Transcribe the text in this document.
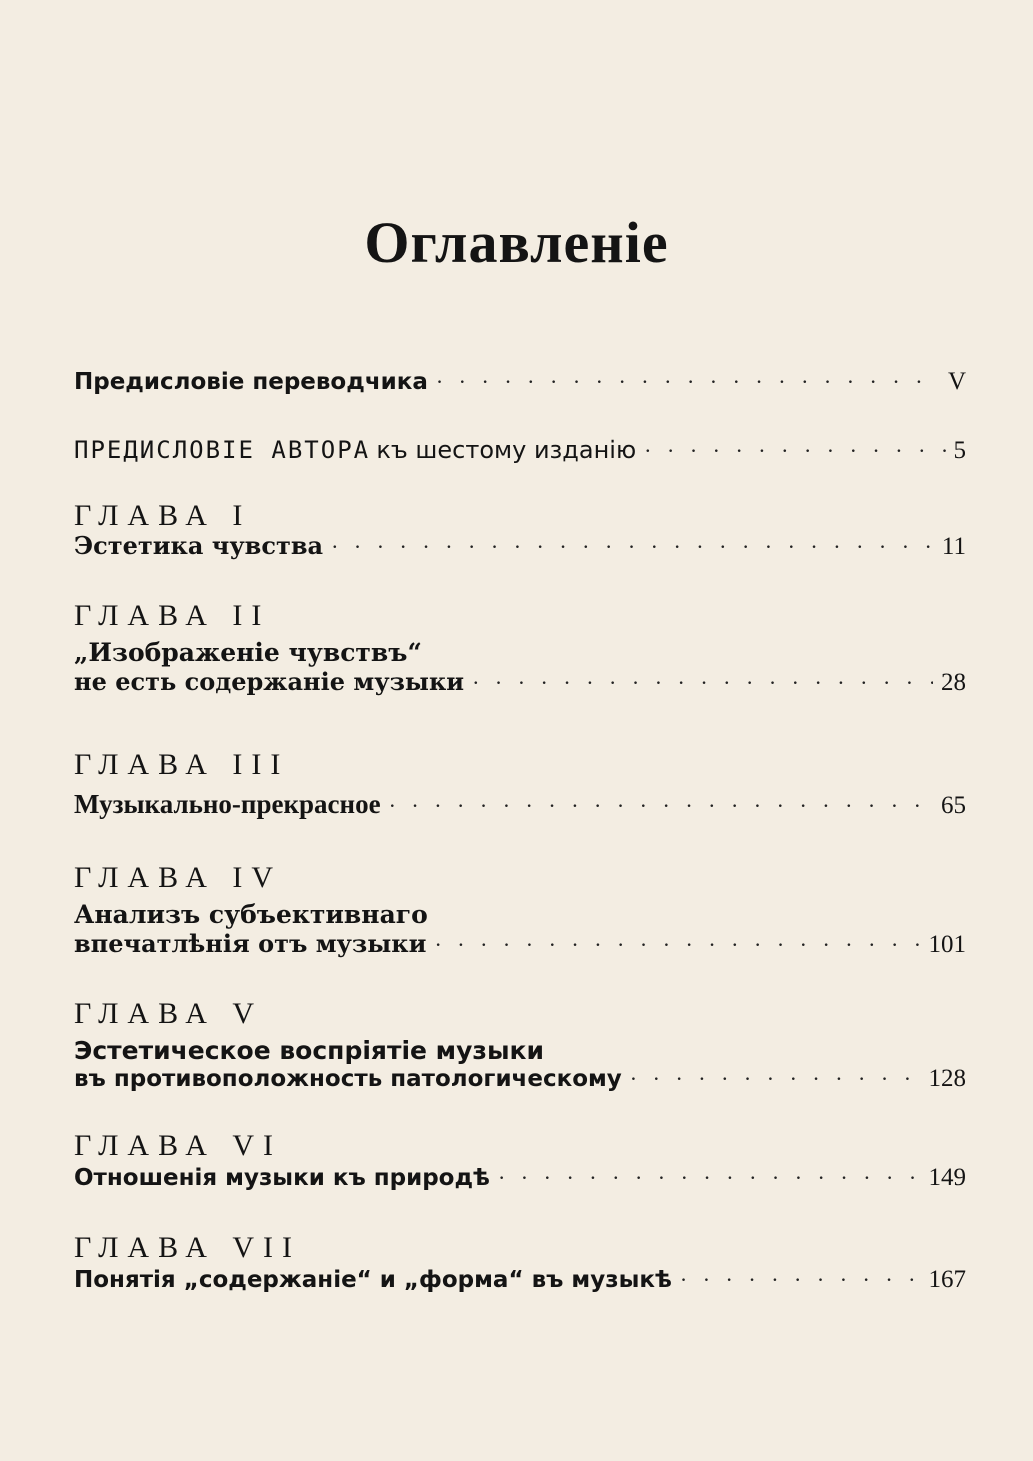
Оглавленіе
Предисловіе переводчика · · ·	V
ПРЕДИСЛОВІЕ АВТОРА къ шестому изданію · · ·	5
ГЛАВА I
Эстетика чувства · · ·	11
ГЛАВА II
„Изображеніе чувствъ“
не есть содержаніе музыки · · ·	28
ГЛАВА III
Музыкально-прекрасное · · ·	65
ГЛАВА IV
Анализъ субъективнаго
впечатлѣнія отъ музыки · · ·	101
ГЛАВА V
Эстетическое воспріятіе музыки
въ противоположность патологическому · · ·	128
ГЛАВА VI
Отношенія музыки къ природѣ · · ·	149
ГЛАВА VII
Понятія „содержаніе“ и „форма“ въ музыкѣ · · ·	167
